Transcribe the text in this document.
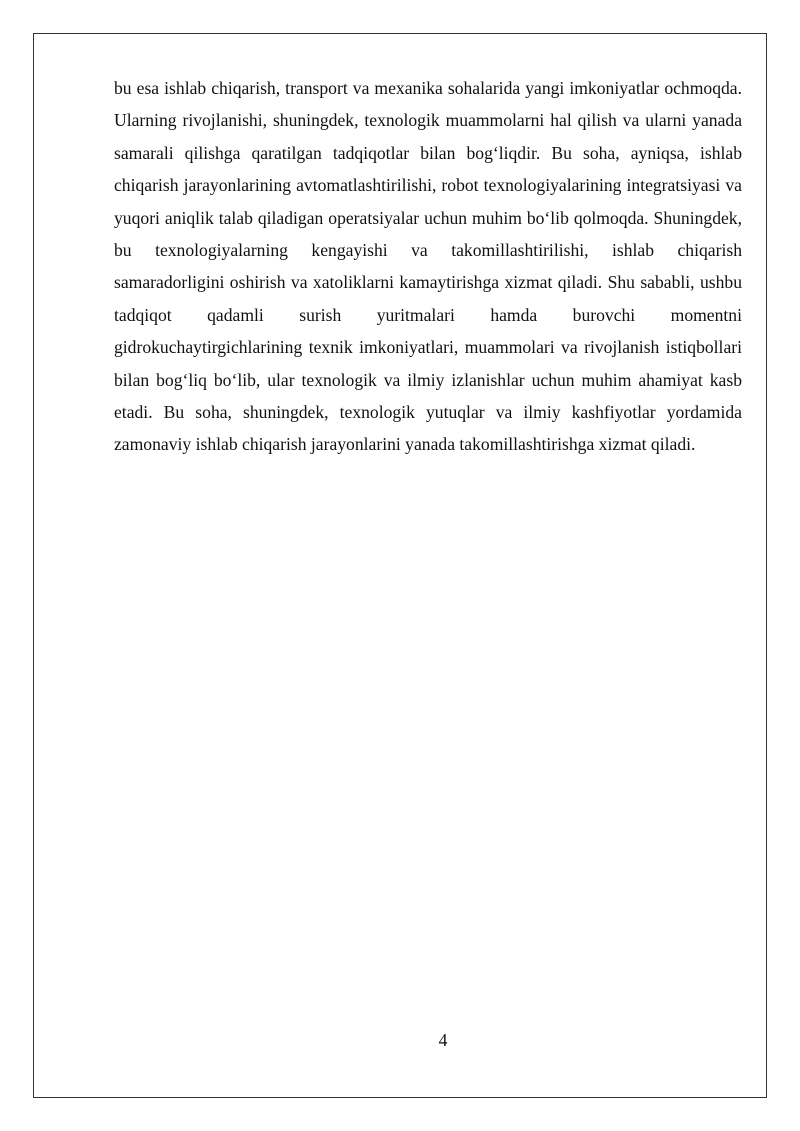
bu esa ishlab chiqarish, transport va mexanika sohalarida yangi imkoniyatlar ochmoqda. Ularning rivojlanishi, shuningdek, texnologik muammolarni hal qilish va ularni yanada samarali qilishga qaratilgan tadqiqotlar bilan bog‘liqdir. Bu soha, ayniqsa, ishlab chiqarish jarayonlarining avtomatlashtirilishi, robot texnologiyalarining integratsiyasi va yuqori aniqlik talab qiladigan operatsiyalar uchun muhim bo‘lib qolmoqda. Shuningdek, bu texnologiyalarning kengayishi va takomillashtirilishi, ishlab chiqarish samaradorligini oshirish va xatoliklarni kamaytirishga xizmat qiladi. Shu sababli, ushbu tadqiqot qadamli surish yuritmalari hamda burovchi momentni gidrokuchaytirgichlarining texnik imkoniyatlari, muammolari va rivojlanish istiqbollari bilan bog‘liq bo‘lib, ular texnologik va ilmiy izlanishlar uchun muhim ahamiyat kasb etadi. Bu soha, shuningdek, texnologik yutuqlar va ilmiy kashfiyotlar yordamida zamonaviy ishlab chiqarish jarayonlarini yanada takomillashtirishga xizmat qiladi.

4
